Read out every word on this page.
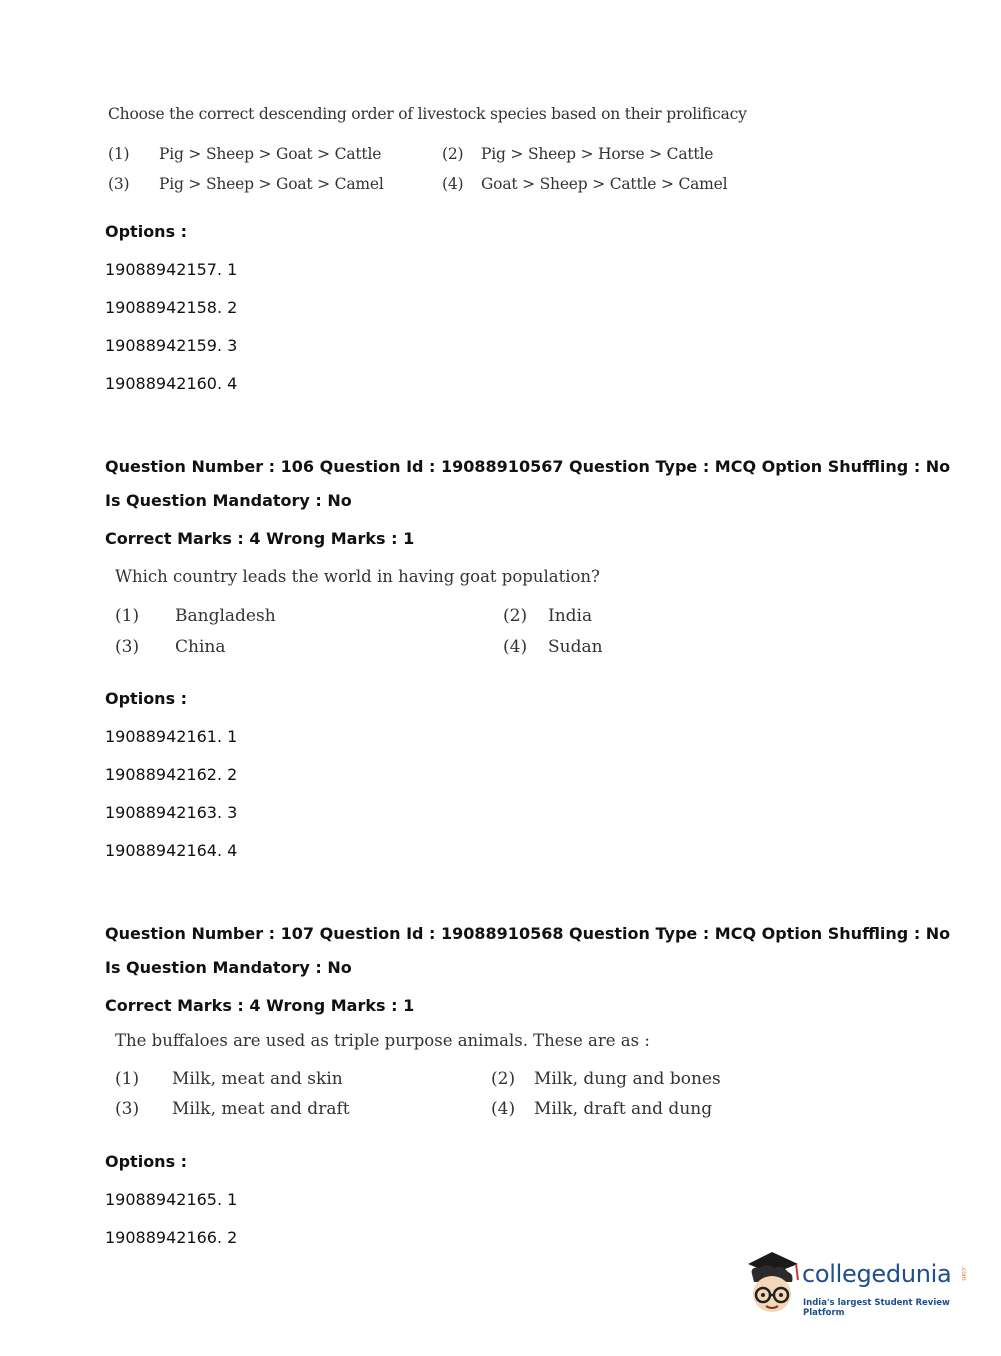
Choose the correct descending order of livestock species based on their prolificacy
(1) Pig > Sheep > Goat > Cattle	(2) Pig > Sheep > Horse > Cattle
(3) Pig > Sheep > Goat > Camel	(4) Goat > Sheep > Cattle > Camel
Options :
19088942157. 1
19088942158. 2
19088942159. 3
19088942160. 4
Question Number : 106 Question Id : 19088910567 Question Type : MCQ Option Shuffling : No
Is Question Mandatory : No
Correct Marks : 4 Wrong Marks : 1
Which country leads the world in having goat population?
(1) Bangladesh	(2) India
(3) China	(4) Sudan
Options :
19088942161. 1
19088942162. 2
19088942163. 3
19088942164. 4
Question Number : 107 Question Id : 19088910568 Question Type : MCQ Option Shuffling : No
Is Question Mandatory : No
Correct Marks : 4 Wrong Marks : 1
The buffaloes are used as triple purpose animals. These are as :
(1) Milk, meat and skin	(2) Milk, dung and bones
(3) Milk, meat and draft	(4) Milk, draft and dung
Options :
19088942165. 1
19088942166. 2
collegedunia .com
India's largest Student Review Platform
